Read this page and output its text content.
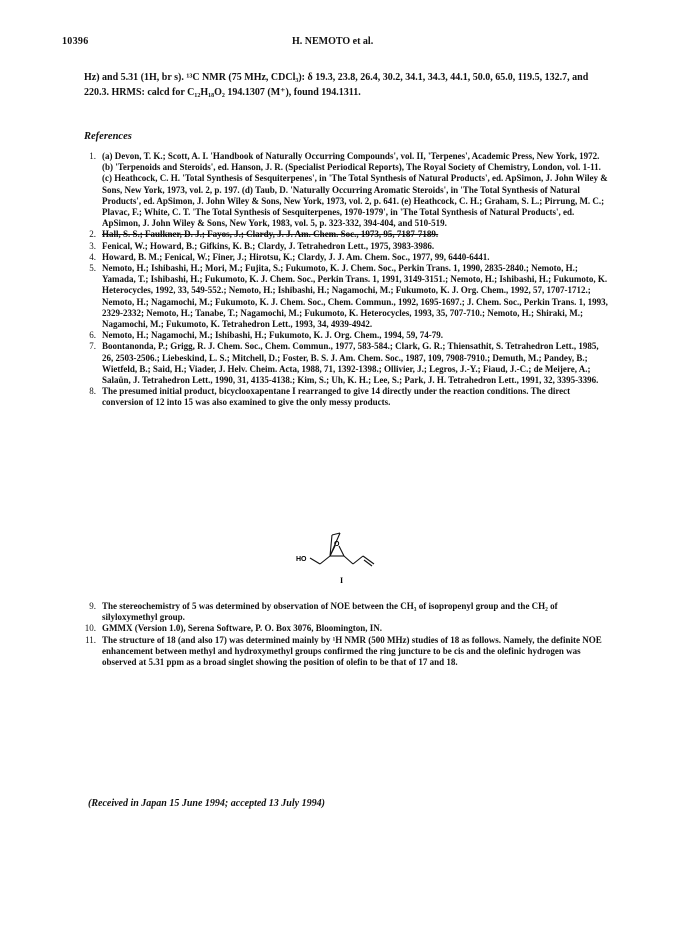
10396	H. NEMOTO et al.

Hz) and 5.31 (1H, br s). ¹³C NMR (75 MHz, CDCl₃): δ 19.3, 23.8, 26.4, 30.2, 34.1, 34.3, 44.1, 50.0, 65.0, 119.5, 132.7, and 220.3. HRMS: calcd for C₁₂H₁₈O₂ 194.1307 (M⁺), found 194.1311.

References
1. (a) Devon, T. K.; Scott, A. I. 'Handbook of Naturally Occurring Compounds', vol. II, 'Terpenes', Academic Press, New York, 1972. (b) 'Terpenoids and Steroids', ed. Hanson, J. R. (Specialist Periodical Reports), The Royal Society of Chemistry, London, vol. 1-11. (c) Heathcock, C. H. 'Total Synthesis of Sesquiterpenes', in 'The Total Synthesis of Natural Products', ed. ApSimon, J. John Wiley & Sons, New York, 1973, vol. 2, p. 197. (d) Taub, D. 'Naturally Occurring Aromatic Steroids', in 'The Total Synthesis of Natural Products', ed. ApSimon, J. John Wiley & Sons, New York, 1973, vol. 2, p. 641. (e) Heathcock, C. H.; Graham, S. L.; Pirrung, M. C.; Plavac, F.; White, C. T. 'The Total Synthesis of Sesquiterpenes, 1970-1979', in 'The Total Synthesis of Natural Products', ed. ApSimon, J. John Wiley & Sons, New York, 1983, vol. 5, p. 323-332, 394-404, and 510-519.
2. Hall, S. S.; Faulkner, D. J.; Fayos, J.; Clardy, J. J. Am. Chem. Soc., 1973, 95, 7187-7189.
3. Fenical, W.; Howard, B.; Gifkins, K. B.; Clardy, J. Tetrahedron Lett., 1975, 3983-3986.
4. Howard, B. M.; Fenical, W.; Finer, J.; Hirotsu, K.; Clardy, J. J. Am. Chem. Soc., 1977, 99, 6440-6441.
5. Nemoto, H.; Ishibashi, H.; Mori, M.; Fujita, S.; Fukumoto, K. J. Chem. Soc., Perkin Trans. 1, 1990, 2835-2840.; Nemoto, H.; Yamada, T.; Ishibashi, H.; Fukumoto, K. J. Chem. Soc., Perkin Trans. 1, 1991, 3149-3151.; Nemoto, H.; Ishibashi, H.; Fukumoto, K. Heterocycles, 1992, 33, 549-552.; Nemoto, H.; Ishibashi, H.; Nagamochi, M.; Fukumoto, K. J. Org. Chem., 1992, 57, 1707-1712.; Nemoto, H.; Nagamochi, M.; Fukumoto, K. J. Chem. Soc., Chem. Commun., 1992, 1695-1697.; J. Chem. Soc., Perkin Trans. 1, 1993, 2329-2332; Nemoto, H.; Tanabe, T.; Nagamochi, M.; Fukumoto, K. Heterocycles, 1993, 35, 707-710.; Nemoto, H.; Shiraki, M.; Nagamochi, M.; Fukumoto, K. Tetrahedron Lett., 1993, 34, 4939-4942.
6. Nemoto, H.; Nagamochi, M.; Ishibashi, H.; Fukumoto, K. J. Org. Chem., 1994, 59, 74-79.
7. Boontanonda, P.; Grigg, R. J. Chem. Soc., Chem. Commun., 1977, 583-584.; Clark, G. R.; Thiensathit, S. Tetrahedron Lett., 1985, 26, 2503-2506.; Liebeskind, L. S.; Mitchell, D.; Foster, B. S. J. Am. Chem. Soc., 1987, 109, 7908-7910.; Demuth, M.; Pandey, B.; Wietfeld, B.; Said, H.; Viader, J. Helv. Cheim. Acta, 1988, 71, 1392-1398.; Ollivier, J.; Legros, J.-Y.; Fiaud, J.-C.; de Meijere, A.; Salaün, J. Tetrahedron Lett., 1990, 31, 4135-4138.; Kim, S.; Uh, K. H.; Lee, S.; Park, J. H. Tetrahedron Lett., 1991, 32, 3395-3396.
8. The presumed initial product, bicyclooxapentane I rearranged to give 14 directly under the reaction conditions. The direct conversion of 12 into 15 was also examined to give the only messy products.
HO
O
I
9. The stereochemistry of 5 was determined by observation of NOE between the CH₃ of isopropenyl group and the CH₂ of silyloxymethyl group.
10. GMMX (Version 1.0), Serena Software, P. O. Box 3076, Bloomington, IN.
11. The structure of 18 (and also 17) was determined mainly by ¹H NMR (500 MHz) studies of 18 as follows. Namely, the definite NOE enhancement between methyl and hydroxymethyl groups confirmed the ring juncture to be cis and the olefinic hydrogen was observed at 5.31 ppm as a broad singlet showing the position of olefin to be that of 17 and 18.

(Received in Japan 15 June 1994; accepted 13 July 1994)
